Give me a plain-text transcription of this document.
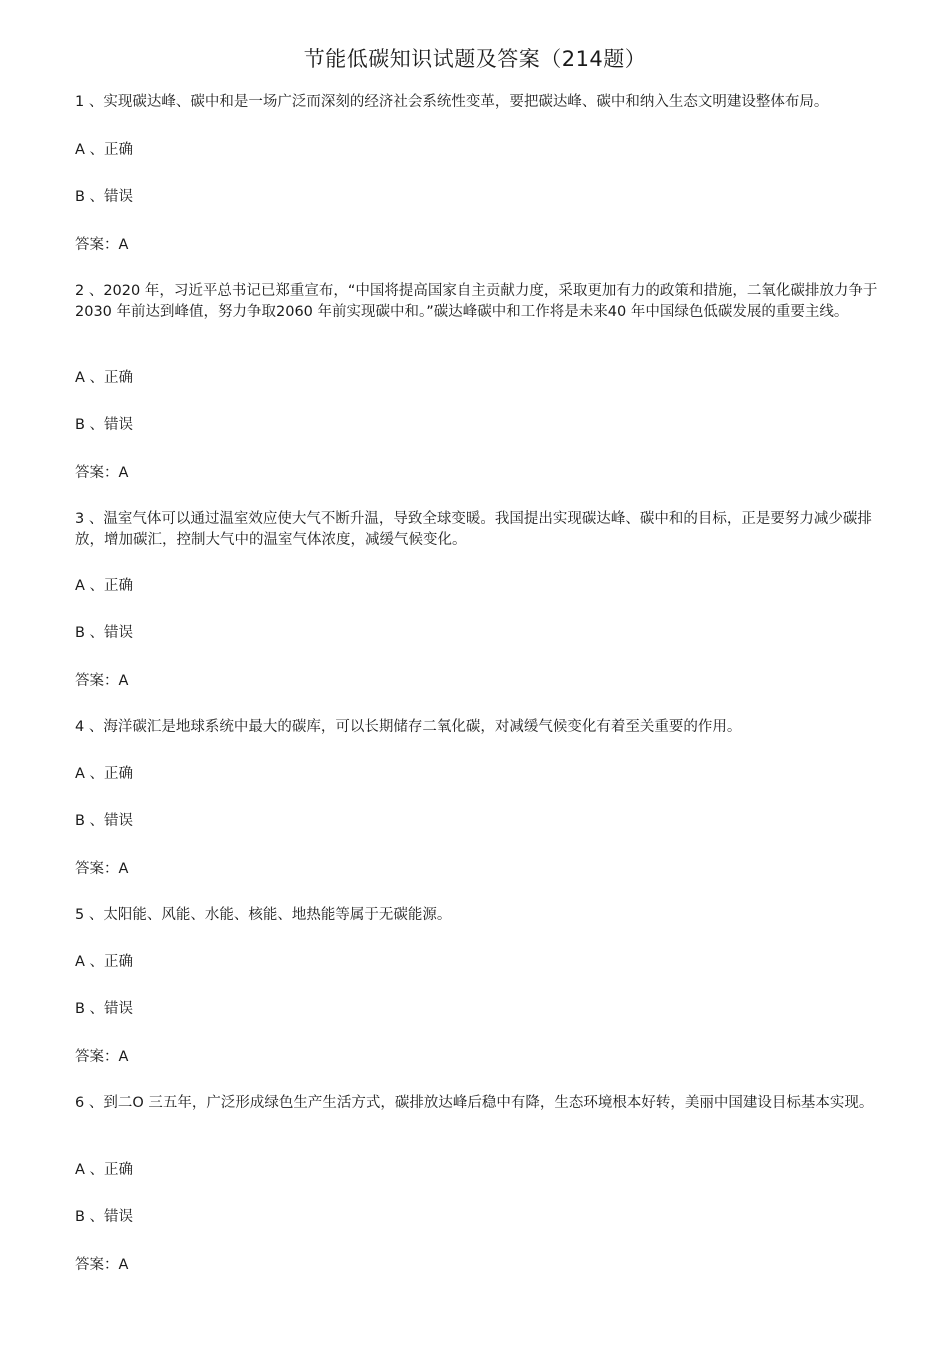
节能低碳知识试题及答案（214题）

1 、实现碳达峰、碳中和是一场广泛而深刻的经济社会系统性变革，要把碳达峰、碳中和纳入生态文明建设整体布局。

A 、正确

B 、错误

答案：A

2 、2020 年，习近平总书记已郑重宣布，“中国将提高国家自主贡献力度，采取更加有力的政策和措施，二氧化碳排放力争于2030 年前达到峰值，努力争取2060 年前实现碳中和。”碳达峰碳中和工作将是未来40 年中国绿色低碳发展的重要主线。

A 、正确

B 、错误

答案：A

3 、温室气体可以通过温室效应使大气不断升温，导致全球变暖。我国提出实现碳达峰、碳中和的目标，正是要努力减少碳排放，增加碳汇，控制大气中的温室气体浓度，减缓气候变化。

A 、正确

B 、错误

答案：A

4 、海洋碳汇是地球系统中最大的碳库，可以长期储存二氧化碳，对减缓气候变化有着至关重要的作用。

A 、正确

B 、错误

答案：A

5 、太阳能、风能、水能、核能、地热能等属于无碳能源。

A 、正确

B 、错误

答案：A

6 、到二O 三五年，广泛形成绿色生产生活方式，碳排放达峰后稳中有降，生态环境根本好转，美丽中国建设目标基本实现。

A 、正确

B 、错误

答案：A
